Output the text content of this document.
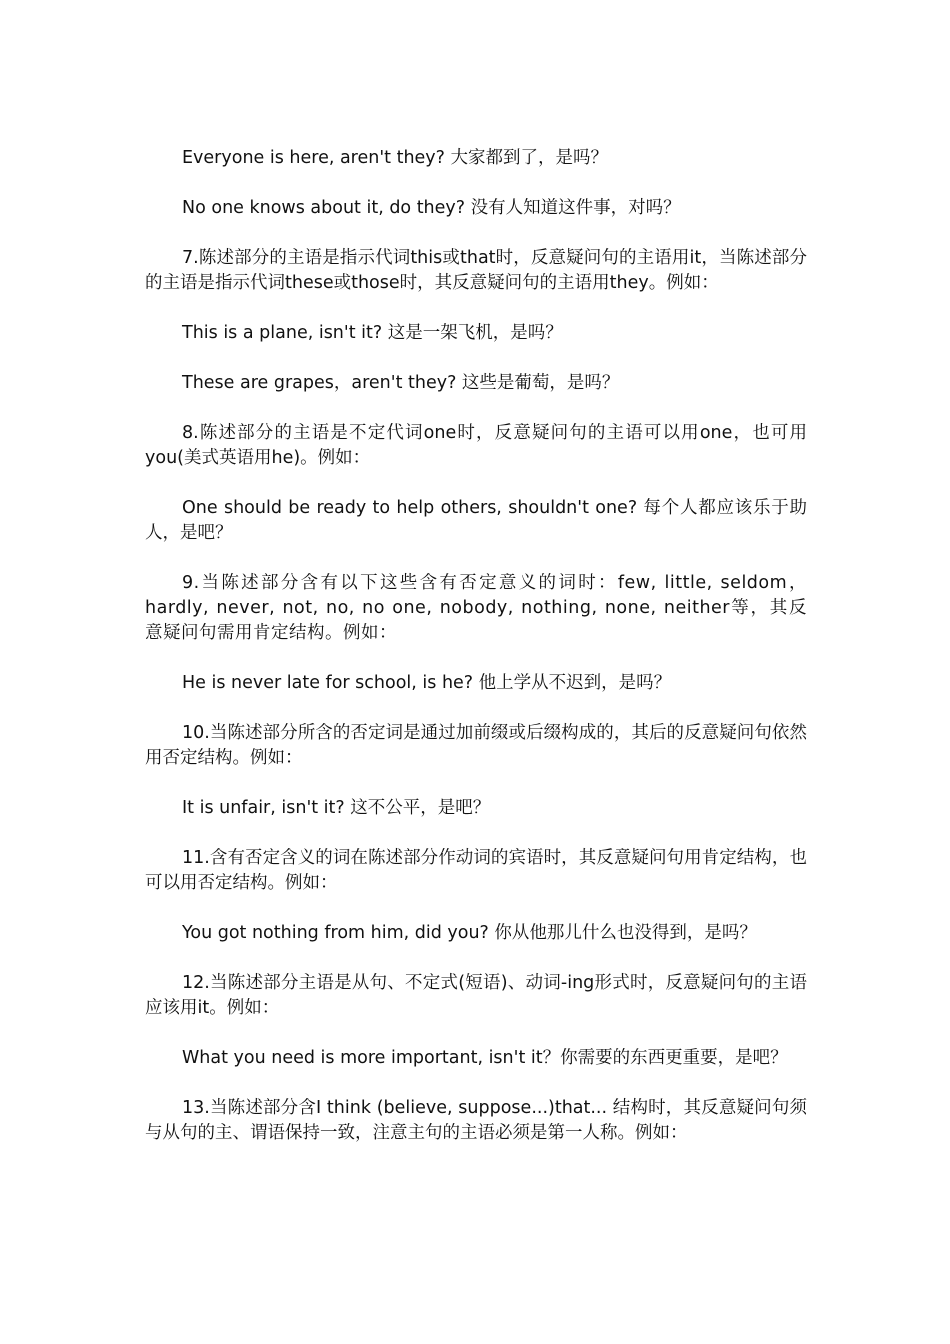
Everyone is here, aren't they? 大家都到了，是吗？

No one knows about it, do they? 没有人知道这件事，对吗？

7.陈述部分的主语是指示代词this或that时，反意疑问句的主语用it，当陈述部分的主语是指示代词these或those时，其反意疑问句的主语用they。例如：

This is a plane, isn't it? 这是一架飞机，是吗？

These are grapes，aren't they? 这些是葡萄，是吗？

8.陈述部分的主语是不定代词one时，反意疑问句的主语可以用one，也可用you(美式英语用he)。例如：

One should be ready to help others, shouldn't one? 每个人都应该乐于助人，是吧？

9.当陈述部分含有以下这些含有否定意义的词时：few, little, seldom， hardly, never, not, no, no one, nobody, nothing, none, neither等，其反意疑问句需用肯定结构。例如：

He is never late for school, is he? 他上学从不迟到，是吗？

10.当陈述部分所含的否定词是通过加前缀或后缀构成的，其后的反意疑问句依然用否定结构。例如：

It is unfair, isn't it? 这不公平，是吧？

11.含有否定含义的词在陈述部分作动词的宾语时，其反意疑问句用肯定结构，也可以用否定结构。例如：

You got nothing from him, did you? 你从他那儿什么也没得到，是吗？

12.当陈述部分主语是从句、不定式(短语)、动词-ing形式时，反意疑问句的主语应该用it。例如：

What you need is more important, isn't it？你需要的东西更重要，是吧？

13.当陈述部分含I think (believe, suppose...)that... 结构时，其反意疑问句须与从句的主、谓语保持一致，注意主句的主语必须是第一人称。例如：
